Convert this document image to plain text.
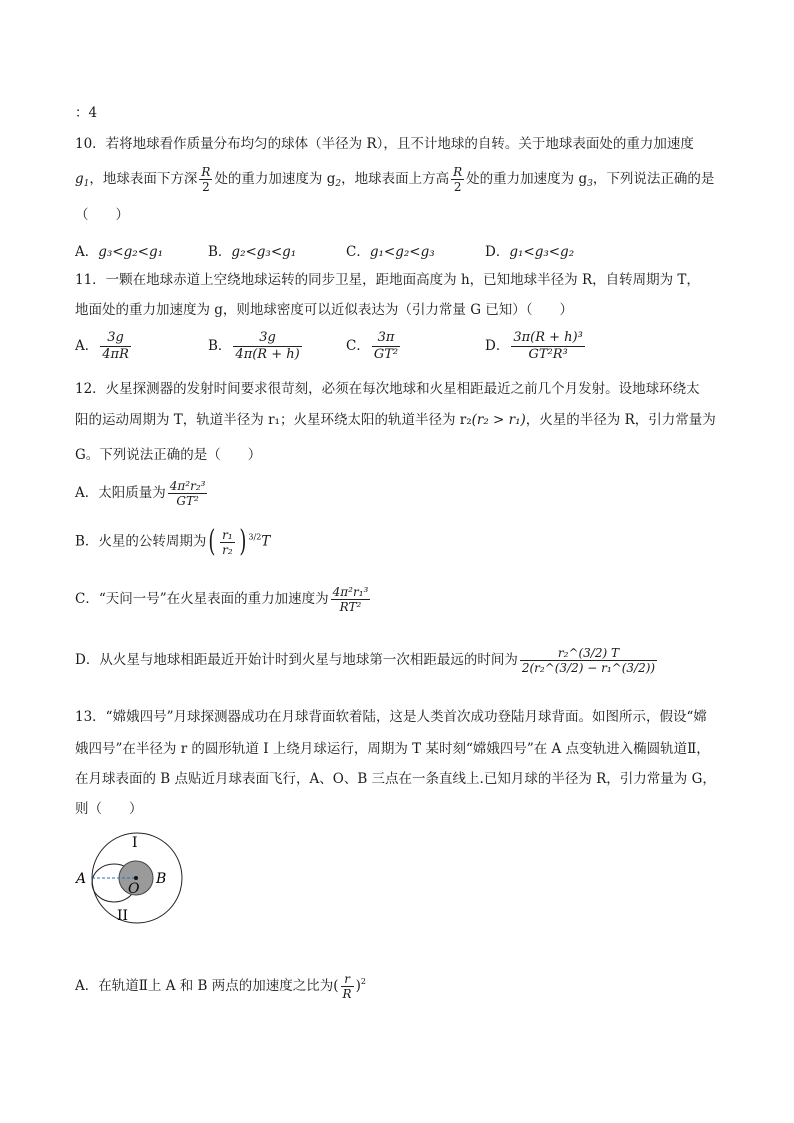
：4
10．若将地球看作质量分布均匀的球体（半径为 R），且不计地球的自转。关于地球表面处的重力加速度
$g_1$，地球表面下方深 $\frac{R}{2}$ 处的重力加速度为 $g_2$，地球表面上方高 $\frac{R}{2}$ 处的重力加速度为 $g_3$，下列说法正确的是
（　　）
A．g₃<g₂<g₁	B．g₂<g₃<g₁	C．g₁<g₂<g₃	D．g₁<g₃<g₂
11．一颗在地球赤道上空绕地球运转的同步卫星，距地面高度为 h，已知地球半径为 R，自转周期为 T，
地面处的重力加速度为 g，则地球密度可以近似表达为（引力常量 G 已知）（　　）
A． $\frac{3g}{4\pi R}$	B． $\frac{3g}{4\pi(R + h)}$	C． $\frac{3\pi}{\text{GT²}}$	D． $\frac{\text{3π(R + h)³}}{\text{GT²R³}}$
12．火星探测器的发射时间要求很苛刻，必须在每次地球和火星相距最近之前几个月发射。设地球环绕太
阳的运动周期为 T，轨道半径为 r₁；火星环绕太阳的轨道半径为 r₂(r₂ > r₁)，火星的半径为 R，引力常量为
G。下列说法正确的是（　　）
A．太阳质量为 $\frac{\text{4π²r₂³}}{\text{GT²}}$
B．火星的公转周期为( $\frac{\text{r₁}}{\text{r₂}}$ ) $^{3/2}$T
C．“天问一号”在火星表面的重力加速度为 $\frac{\text{4π²r₁³}}{\text{RT²}}$
D．从火星与地球相距最近开始计时到火星与地球第一次相距最远的时间为 $\frac{\text{r₂\textasciicircum{}(3/2) T}}{\text{2(r₂\textasciicircum{}(3/2) − r₁\textasciicircum{}(3/2))}}$
13．“嫦娥四号”月球探测器成功在月球背面软着陆，这是人类首次成功登陆月球背面。如图所示，假设“嫦
娥四号”在半径为 r 的圆形轨道 I 上绕月球运行，周期为 T 某时刻“嫦娥四号”在 A 点变轨进入椭圆轨道Ⅱ，
在月球表面的 B 点贴近月球表面飞行，A、O、B 三点在一条直线上.已知月球的半径为 R，引力常量为 G，
则（　　）
I
II
A	B
O
A．在轨道Ⅱ上 A 和 B 两点的加速度之比为( $\frac{r}{R} )^2$
